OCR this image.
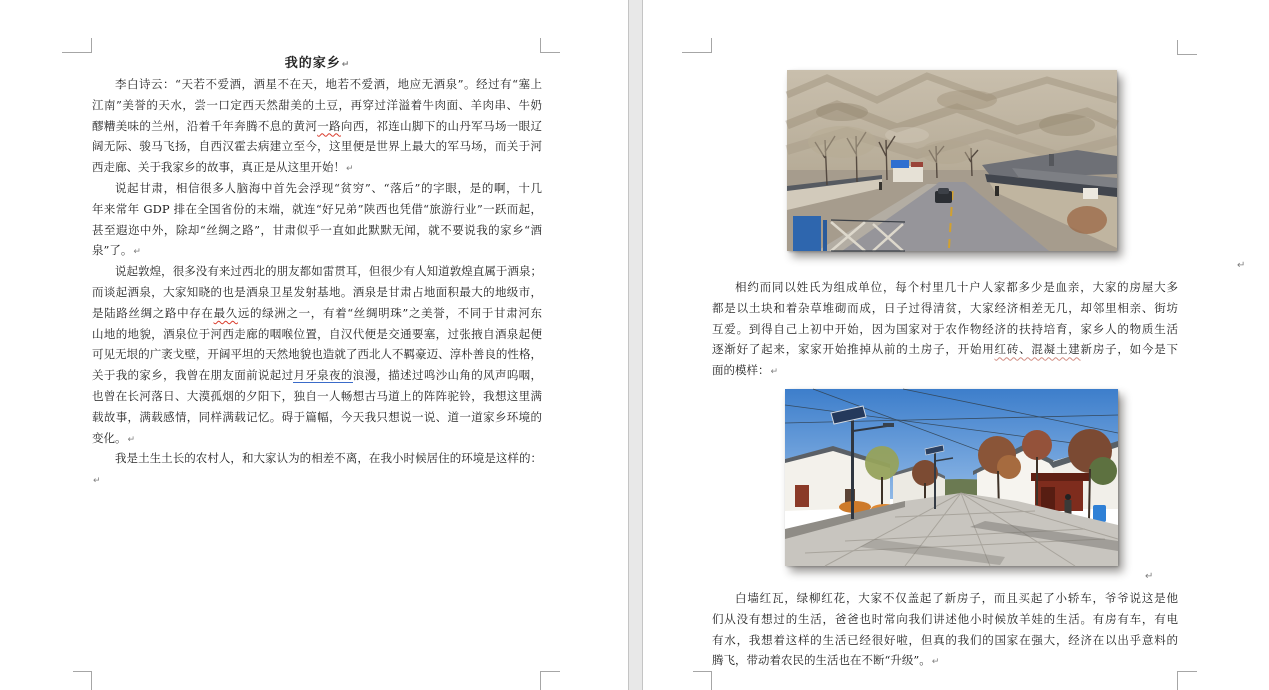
我的家乡↵
李白诗云：“天若不爱酒，酒星不在天，地若不爱酒，地应无酒泉”。经过有“塞上
江南”美誉的天水，尝一口定西天然甜美的土豆，再穿过洋溢着牛肉面、羊肉串、牛奶
醪糟美味的兰州，沿着千年奔腾不息的黄河一路向西，祁连山脚下的山丹军马场一眼辽
阔无际、骏马飞扬，自西汉霍去病建立至今，这里便是世界上最大的军马场，而关于河
西走廊、关于我家乡的故事，真正是从这里开始！↵
说起甘肃，相信很多人脑海中首先会浮现“贫穷”、“落后”的字眼，是的啊，十几
年来常年 GDP 排在全国省份的末端，就连“好兄弟”陕西也凭借“旅游行业”一跃而起，
甚至遐迩中外，除却“丝绸之路”，甘肃似乎一直如此默默无闻，就不要说我的家乡“酒
泉”了。↵
说起敦煌，很多没有来过西北的朋友都如雷贯耳，但很少有人知道敦煌直属于酒泉；
而谈起酒泉，大家知晓的也是酒泉卫星发射基地。酒泉是甘肃占地面积最大的地级市，
是陆路丝绸之路中存在最久远的绿洲之一，有着“丝绸明珠”之美誉，不同于甘肃河东
山地的地貌，酒泉位于河西走廊的咽喉位置，自汉代便是交通要塞，过张掖自酒泉起便
可见无垠的广袤戈壁，开阔平坦的天然地貌也造就了西北人不羁豪迈、淳朴善良的性格，
关于我的家乡，我曾在朋友面前说起过月牙泉夜的浪漫，描述过鸣沙山角的风声呜咽，
也曾在长河落日、大漠孤烟的夕阳下，独自一人畅想古马道上的阵阵驼铃，我想这里满
载故事，满载感情，同样满载记忆。碍于篇幅，今天我只想说一说、道一道家乡环境的
变化。↵
我是土生土长的农村人，和大家认为的相差不离，在我小时候居住的环境是这样的：↵
↵
相约而同以姓氏为组成单位，每个村里几十户人家都多少是血亲，大家的房屋大多
都是以土块和着杂草堆砌而成，日子过得清贫，大家经济相差无几，却邻里相亲、街坊
互爱。到得自己上初中开始，因为国家对于农作物经济的扶持培育，家乡人的物质生活
逐渐好了起来，家家开始推掉从前的土房子，开始用红砖、混凝土建新房子，如今是下
面的模样：↵
↵
白墙红瓦，绿柳红花，大家不仅盖起了新房子，而且买起了小轿车，爷爷说这是他
们从没有想过的生活，爸爸也时常向我们讲述他小时候放羊娃的生活。有房有车，有电
有水，我想着这样的生活已经很好啦，但真的我们的国家在强大，经济在以出乎意料的
腾飞，带动着农民的生活也在不断“升级”。↵
